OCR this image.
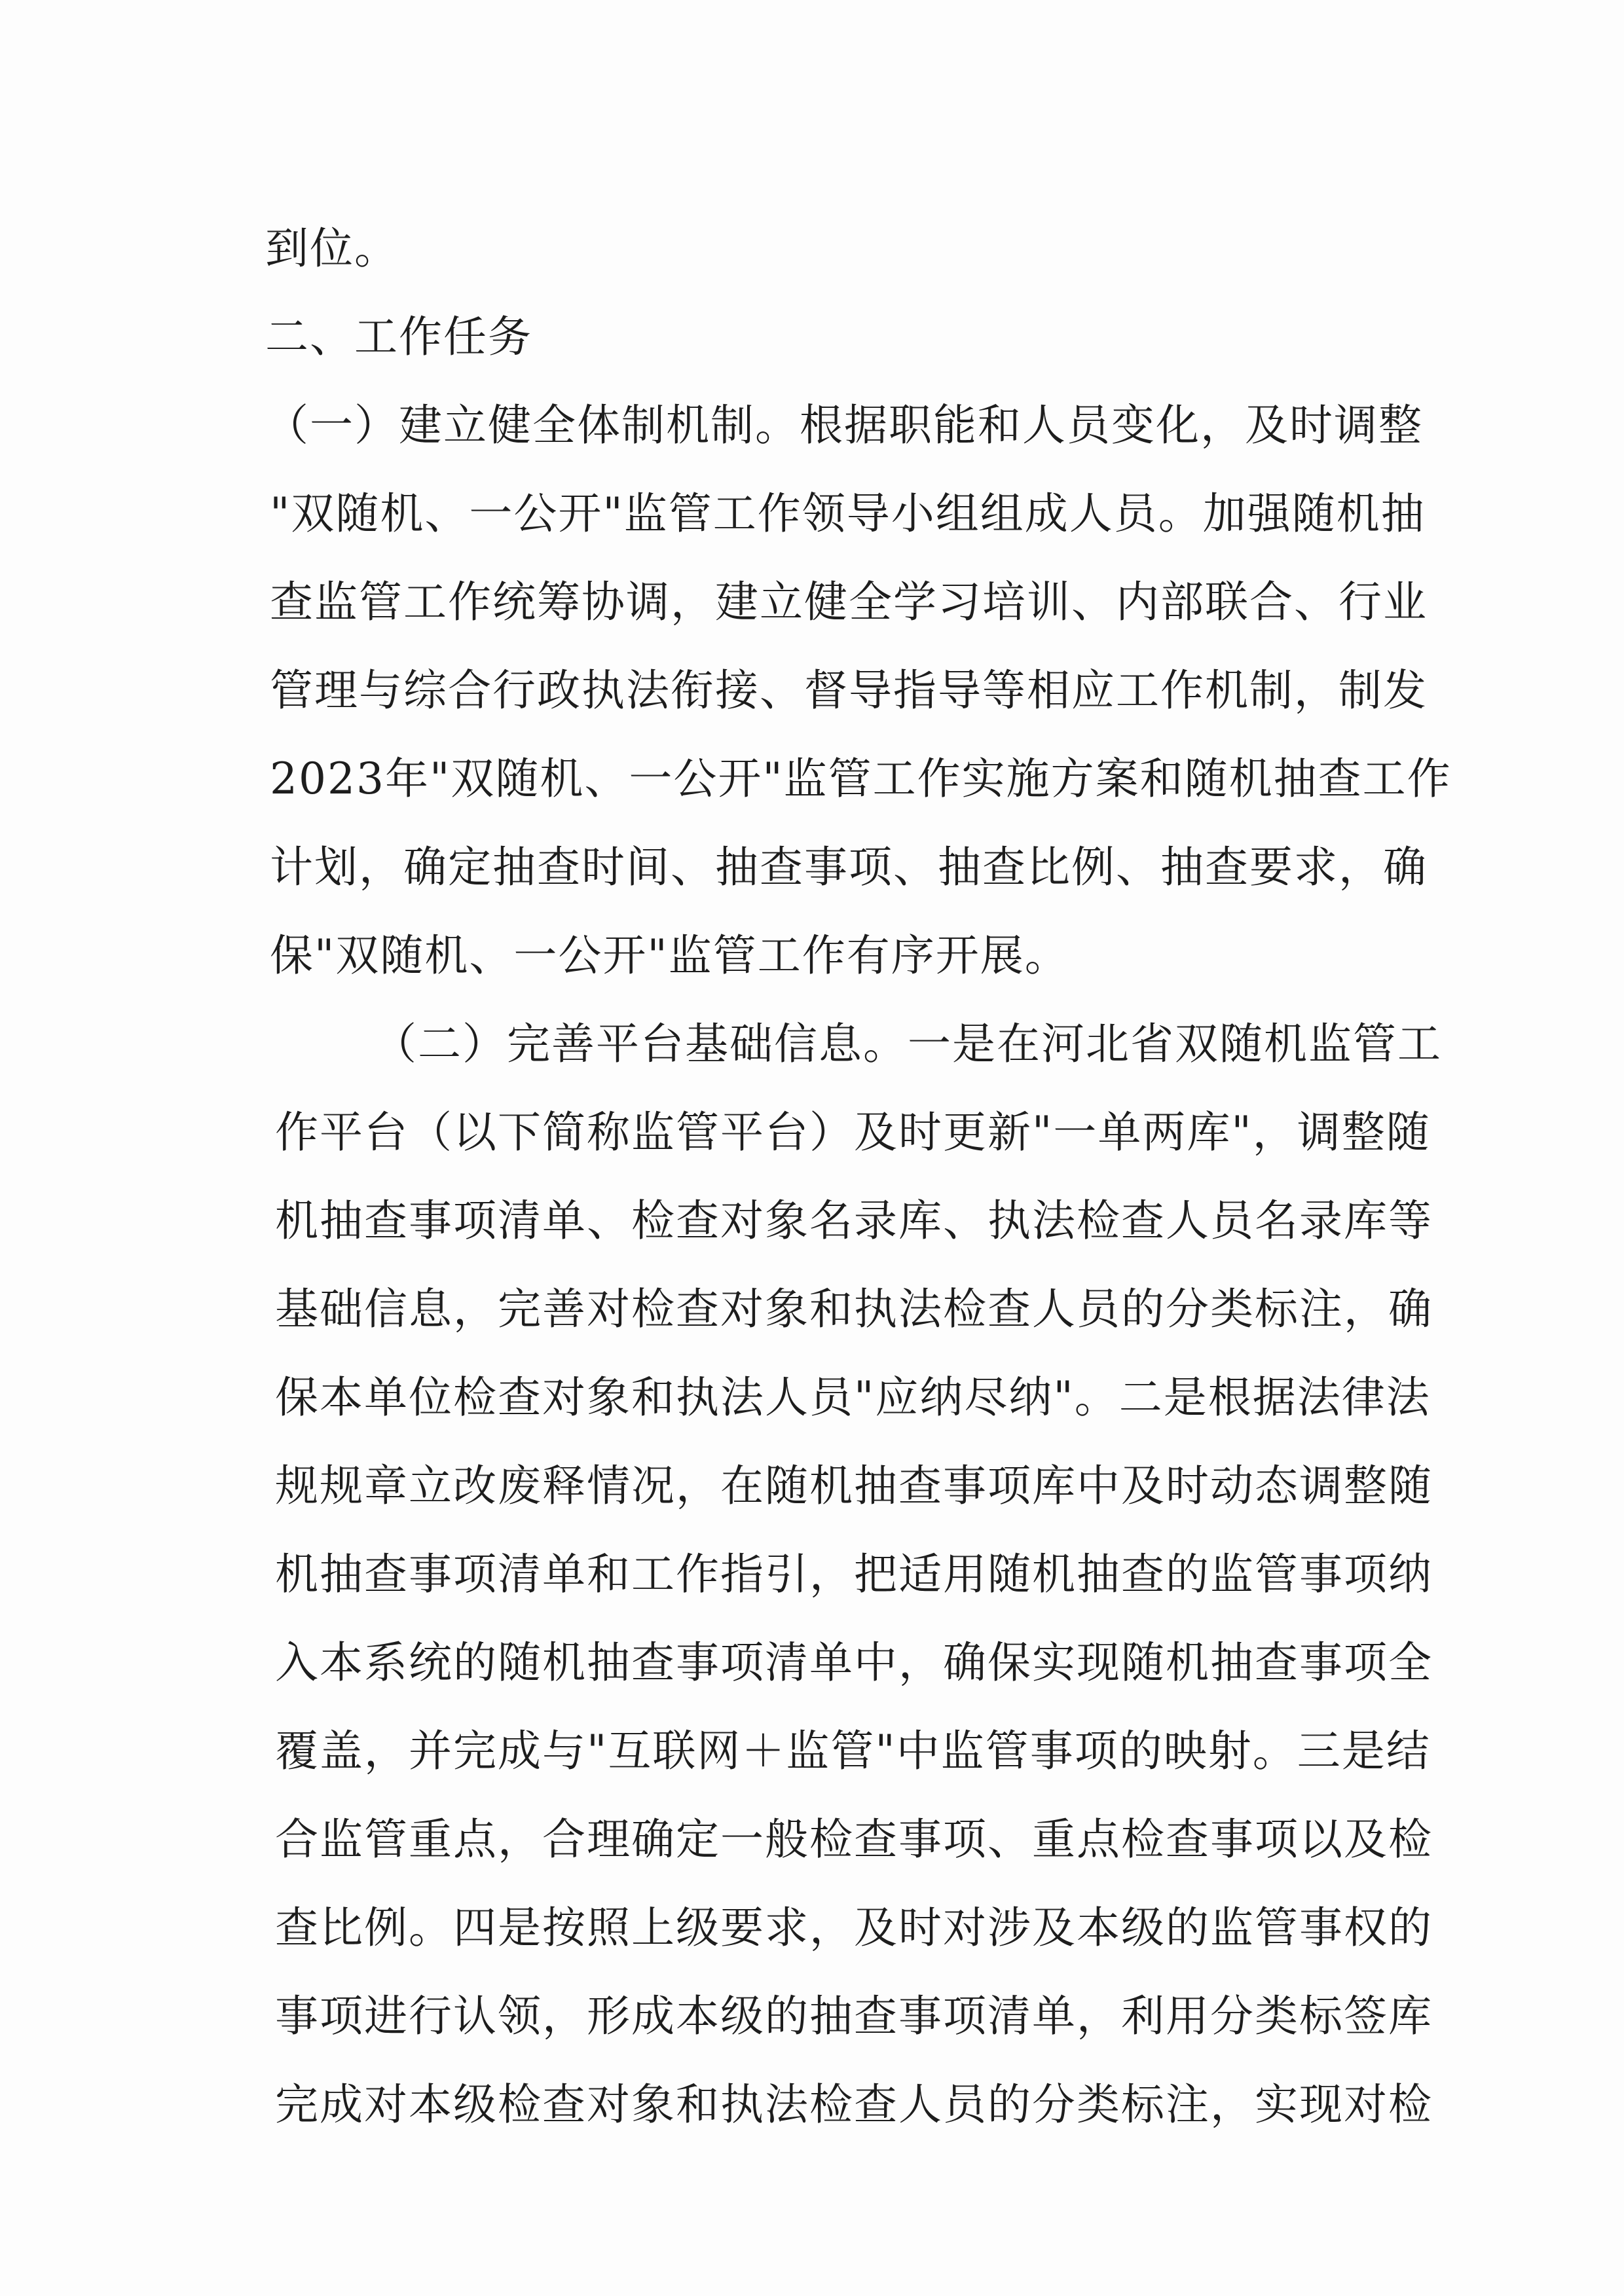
到位。

二、工作任务

（一）建立健全体制机制。根据职能和人员变化，及时调整

"双随机、一公开"监管工作领导小组组成人员。加强随机抽

查监管工作统筹协调，建立健全学习培训、内部联合、行业

管理与综合行政执法衔接、督导指导等相应工作机制，制发

2023年"双随机、一公开"监管工作实施方案和随机抽查工作

计划，确定抽查时间、抽查事项、抽查比例、抽查要求，确

保"双随机、一公开"监管工作有序开展。

（二）完善平台基础信息。一是在河北省双随机监管工

作平台（以下简称监管平台）及时更新"一单两库"，调整随

机抽查事项清单、检查对象名录库、执法检查人员名录库等

基础信息，完善对检查对象和执法检查人员的分类标注，确

保本单位检查对象和执法人员"应纳尽纳"。二是根据法律法

规规章立改废释情况，在随机抽查事项库中及时动态调整随

机抽查事项清单和工作指引，把适用随机抽查的监管事项纳

入本系统的随机抽查事项清单中，确保实现随机抽查事项全

覆盖，并完成与"互联网＋监管"中监管事项的映射。三是结

合监管重点，合理确定一般检查事项、重点检查事项以及检

查比例。四是按照上级要求，及时对涉及本级的监管事权的

事项进行认领，形成本级的抽查事项清单，利用分类标签库

完成对本级检查对象和执法检查人员的分类标注，实现对检
